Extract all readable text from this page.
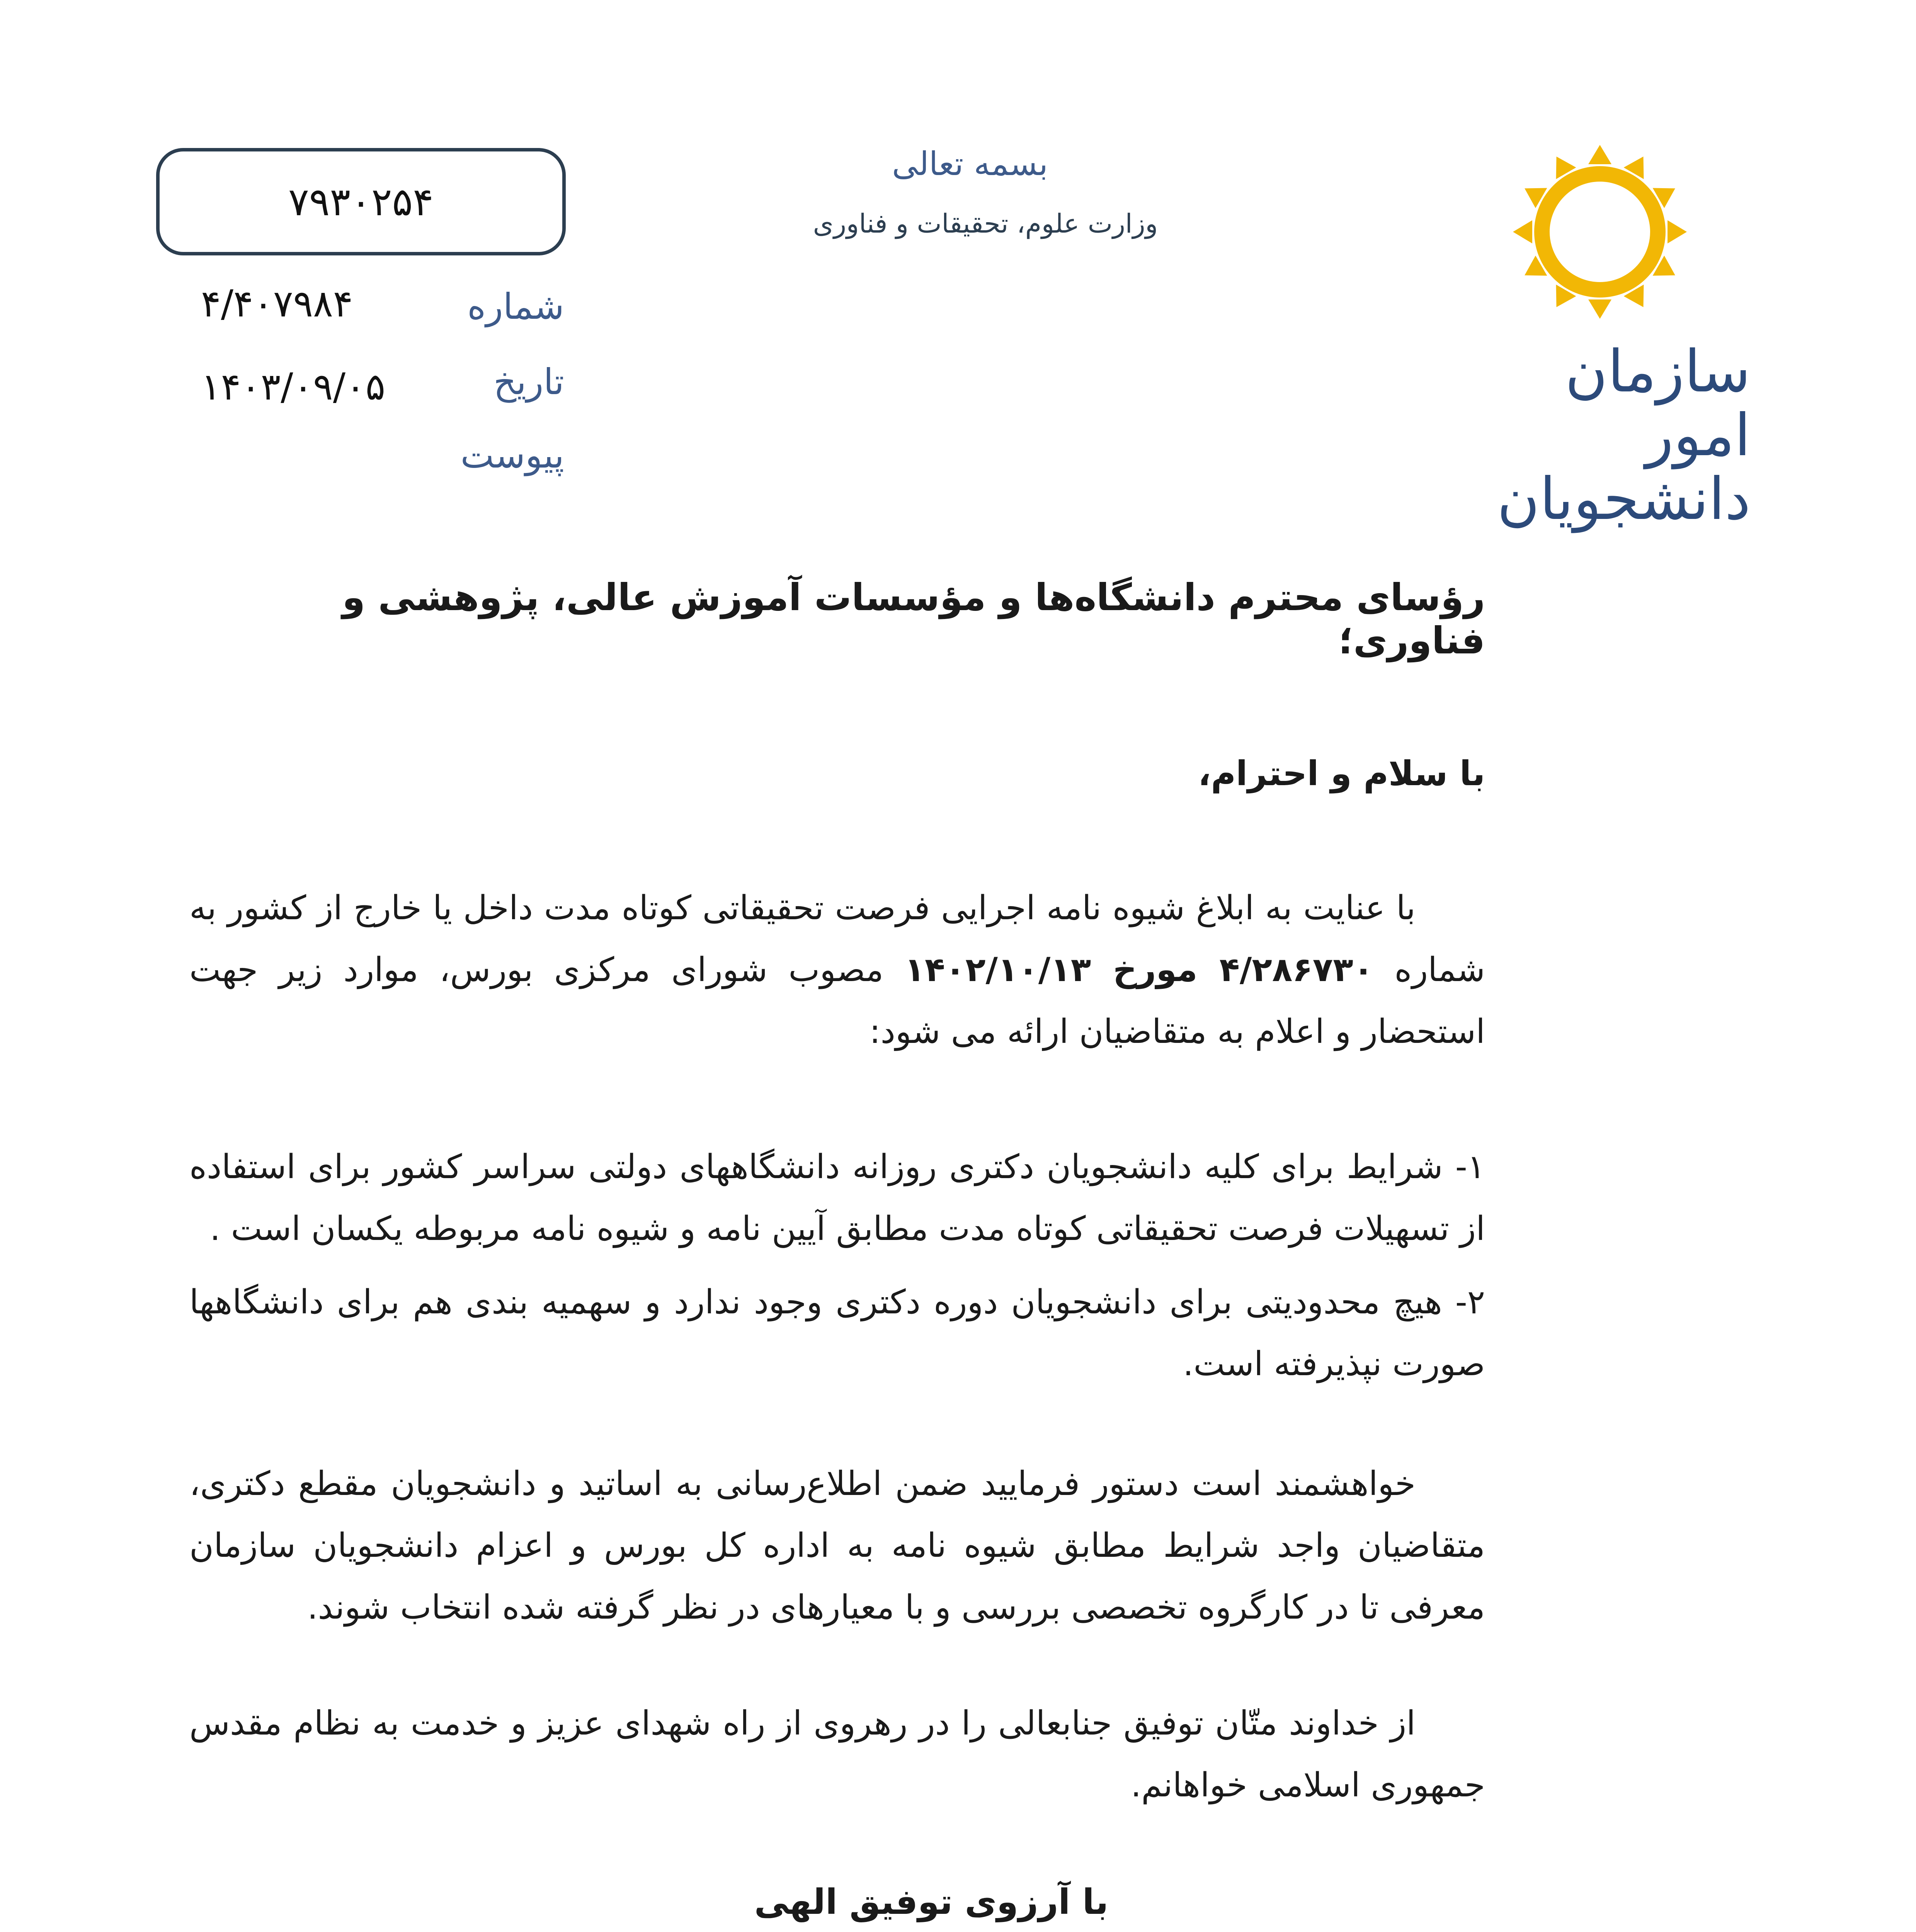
۷۹۳۰۲۵۴
۴/۴۰۷۹۸۴	شماره
۱۴۰۳/۰۹/۰۵	تاریخ
پیوست
بسمه تعالی
وزارت علوم، تحقیقات و فناوری
سازمان امور
دانشجویان
رؤسای محترم دانشگاه‌ها و مؤسسات آموزش عالی، پژوهشی و فناوری؛
با سلام و احترام،
با عنایت به ابلاغ شیوه نامه اجرایی فرصت تحقیقاتی کوتاه مدت داخل یا خارج از کشور به شماره ۴/۲۸۶۷۳۰ مورخ ۱۴۰۲/۱۰/۱۳ مصوب شورای مرکزی بورس، موارد زیر جهت استحضار و اعلام به متقاضیان ارائه می شود:
۱- شرایط برای کلیه دانشجویان دکتری روزانه دانشگاههای دولتی سراسر کشور برای استفاده از تسهیلات فرصت تحقیقاتی کوتاه مدت مطابق آیین نامه و شیوه نامه مربوطه یکسان است .
۲- هیچ محدودیتی برای دانشجویان دوره دکتری وجود ندارد و سهمیه بندی هم برای دانشگاهها صورت نپذیرفته است.
خواهشمند است دستور فرمایید ضمن اطلاع‌رسانی به اساتید و دانشجویان مقطع دکتری، متقاضیان واجد شرایط مطابق شیوه نامه به اداره کل بورس و اعزام دانشجویان سازمان معرفی تا در کارگروه تخصصی بررسی و با معیارهای در نظر گرفته شده انتخاب شوند.
از خداوند متّان توفیق جنابعالی را در رهروی از راه شهدای عزیز و خدمت به نظام مقدس جمهوری اسلامی خواهانم.
با آرزوی توفیق الهی
